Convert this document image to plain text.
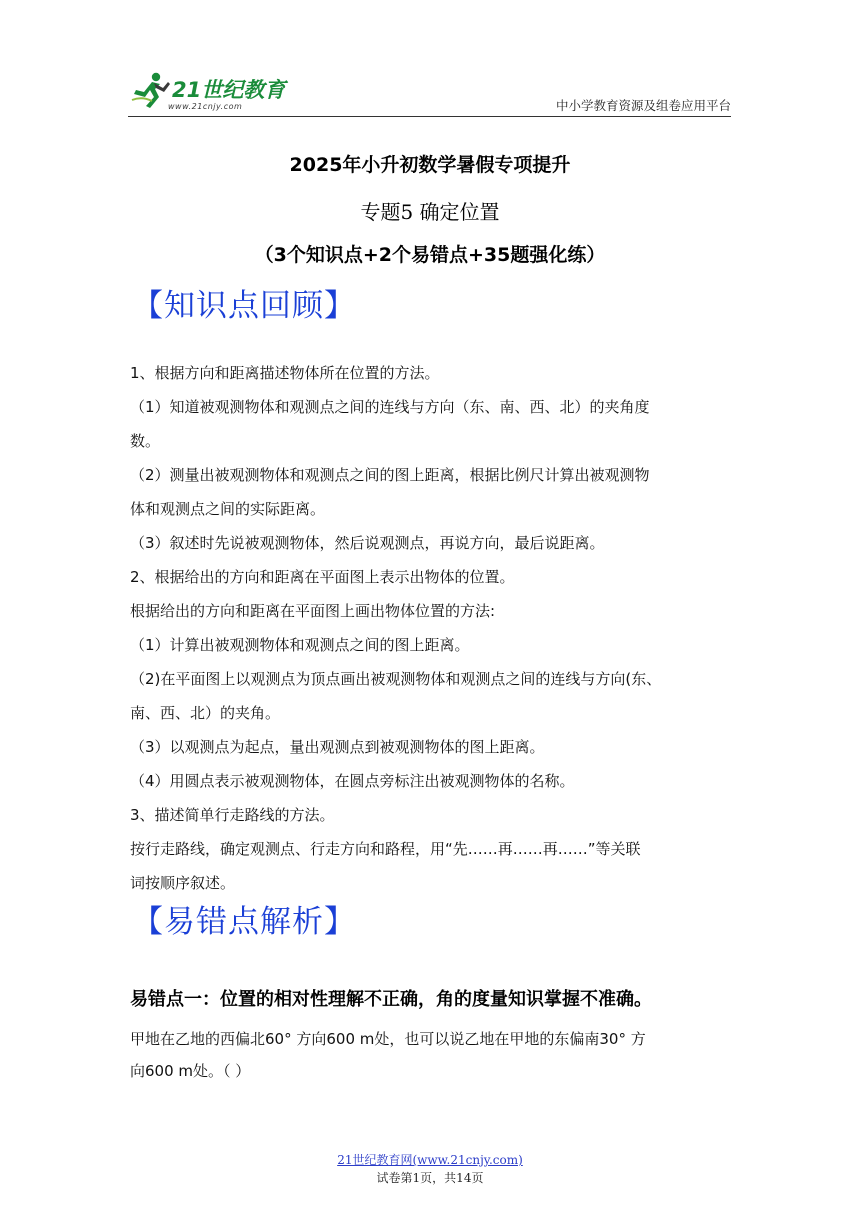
21世纪教育
www.21cnjy.com	中小学教育资源及组卷应用平台
2025年小升初数学暑假专项提升
专题5 确定位置
（3个知识点+2个易错点+35题强化练）
【知识点回顾】
1、根据方向和距离描述物体所在位置的方法。
（1）知道被观测物体和观测点之间的连线与方向（东、南、西、北）的夹角度
数。
（2）测量出被观测物体和观测点之间的图上距离，根据比例尺计算出被观测物
体和观测点之间的实际距离。
（3）叙述时先说被观测物体，然后说观测点，再说方向，最后说距离。
2、根据给出的方向和距离在平面图上表示出物体的位置。
根据给出的方向和距离在平面图上画出物体位置的方法:
（1）计算出被观测物体和观测点之间的图上距离。
（2)在平面图上以观测点为顶点画出被观测物体和观测点之间的连线与方向(东、
南、西、北）的夹角。
（3）以观测点为起点，量出观测点到被观测物体的图上距离。
（4）用圆点表示被观测物体，在圆点旁标注出被观测物体的名称。
3、描述简单行走路线的方法。
按行走路线，确定观测点、行走方向和路程，用“先……再……再……”等关联
词按顺序叙述。
【易错点解析】
易错点一：位置的相对性理解不正确，角的度量知识掌握不准确。
甲地在乙地的西偏北60° 方向600 m处，也可以说乙地在甲地的东偏南30° 方
向600 m处。（ ）
21世纪教育网(www.21cnjy.com)
试卷第1页，共14页
